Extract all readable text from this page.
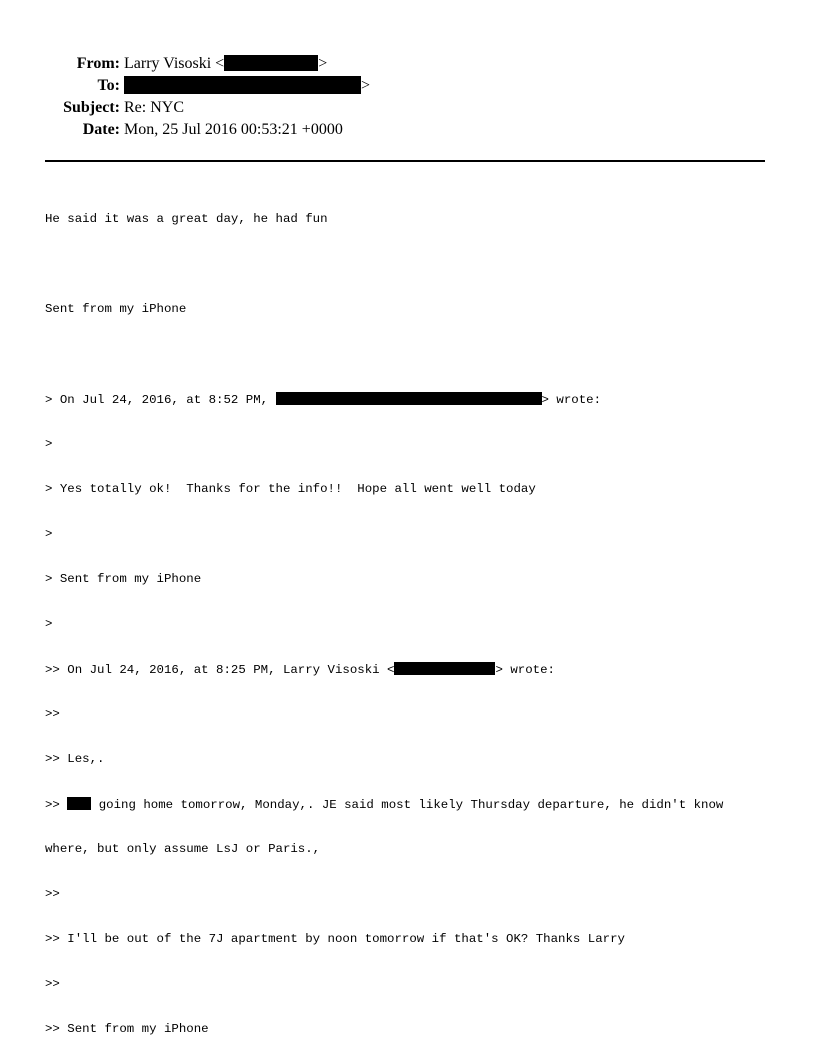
From: Larry Visoski <	>
To:	>
Subject: Re: NYC
Date: Mon, 25 Jul 2016 00:53:21 +0000

He said it was a great day, he had fun

Sent from my iPhone

> On Jul 24, 2016, at 8:52 PM,	> wrote:

>

> Yes totally ok!  Thanks for the info!!  Hope all went well today

>

> Sent from my iPhone

>

>> On Jul 24, 2016, at 8:25 PM, Larry Visoski <	> wrote:

>>

>> Les,.

>>  going home tomorrow, Monday,. JE said most likely Thursday departure, he didn't know

where, but only assume LsJ or Paris.,

>>

>> I'll be out of the 7J apartment by noon tomorrow if that's OK? Thanks Larry

>>

>> Sent from my iPhone
